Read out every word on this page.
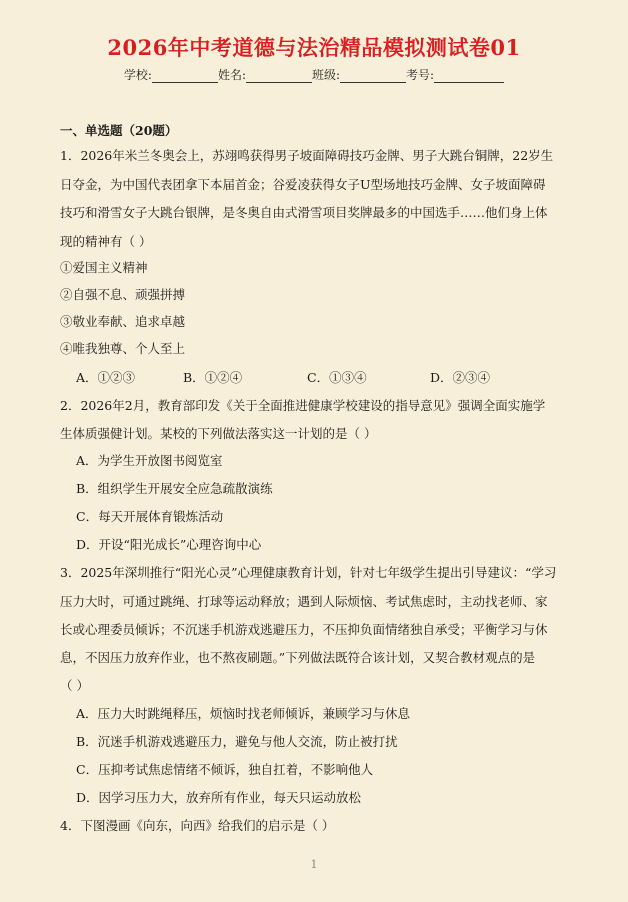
2026年中考道德与法治精品模拟测试卷01
学校:	姓名:	班级:	考号:
一、单选题（20题）
1．2026年米兰冬奥会上，苏翊鸣获得男子坡面障碍技巧金牌、男子大跳台铜牌，22岁生
日夺金，为中国代表团拿下本届首金；谷爱凌获得女子U型场地技巧金牌、女子坡面障碍
技巧和滑雪女子大跳台银牌，是冬奥自由式滑雪项目奖牌最多的中国选手……他们身上体
现的精神有（ ）
①爱国主义精神
②自强不息、顽强拼搏
③敬业奉献、追求卓越
④唯我独尊、个人至上
A．①②③	B．①②④	C．①③④	D．②③④
2．2026年2月，教育部印发《关于全面推进健康学校建设的指导意见》强调全面实施学
生体质强健计划。某校的下列做法落实这一计划的是（ ）
A．为学生开放图书阅览室
B．组织学生开展安全应急疏散演练
C．每天开展体育锻炼活动
D．开设“阳光成长”心理咨询中心
3．2025年深圳推行“阳光心灵”心理健康教育计划，针对七年级学生提出引导建议：“学习
压力大时，可通过跳绳、打球等运动释放；遇到人际烦恼、考试焦虑时，主动找老师、家
长或心理委员倾诉；不沉迷手机游戏逃避压力，不压抑负面情绪独自承受；平衡学习与休
息，不因压力放弃作业，也不熬夜刷题。”下列做法既符合该计划，又契合教材观点的是
（ ）
A．压力大时跳绳释压，烦恼时找老师倾诉，兼顾学习与休息
B．沉迷手机游戏逃避压力，避免与他人交流，防止被打扰
C．压抑考试焦虑情绪不倾诉，独自扛着，不影响他人
D．因学习压力大，放弃所有作业，每天只运动放松
4．下图漫画《向东，向西》给我们的启示是（ ）
1
